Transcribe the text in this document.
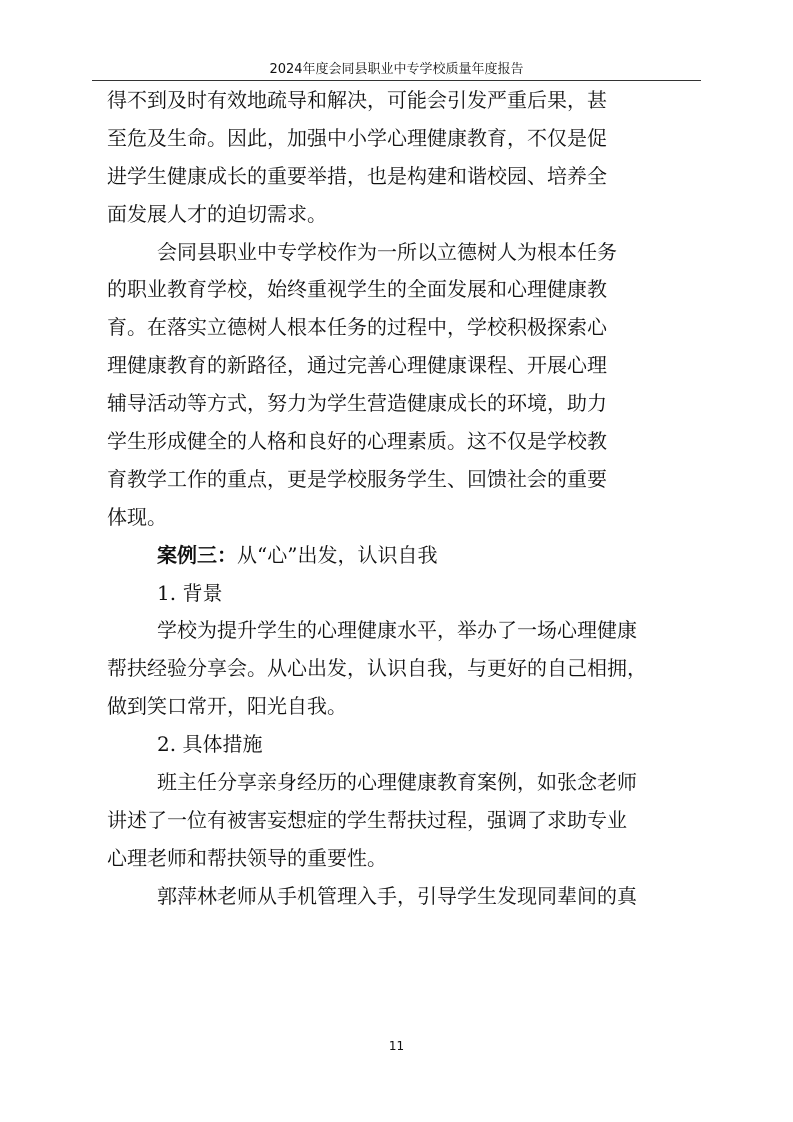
2024年度会同县职业中专学校质量年度报告
得不到及时有效地疏导和解决，可能会引发严重后果，甚
至危及生命。因此，加强中小学心理健康教育，不仅是促
进学生健康成长的重要举措，也是构建和谐校园、培养全
面发展人才的迫切需求。
会同县职业中专学校作为一所以立德树人为根本任务
的职业教育学校，始终重视学生的全面发展和心理健康教
育。在落实立德树人根本任务的过程中，学校积极探索心
理健康教育的新路径，通过完善心理健康课程、开展心理
辅导活动等方式，努力为学生营造健康成长的环境，助力
学生形成健全的人格和良好的心理素质。这不仅是学校教
育教学工作的重点，更是学校服务学生、回馈社会的重要
体现。
案例三：从“心”出发，认识自我
1. 背景
学校为提升学生的心理健康水平，举办了一场心理健康
帮扶经验分享会。从心出发，认识自我，与更好的自己相拥，
做到笑口常开，阳光自我。
2. 具体措施
班主任分享亲身经历的心理健康教育案例，如张念老师
讲述了一位有被害妄想症的学生帮扶过程，强调了求助专业
心理老师和帮扶领导的重要性。
郭萍林老师从手机管理入手，引导学生发现同辈间的真
11
